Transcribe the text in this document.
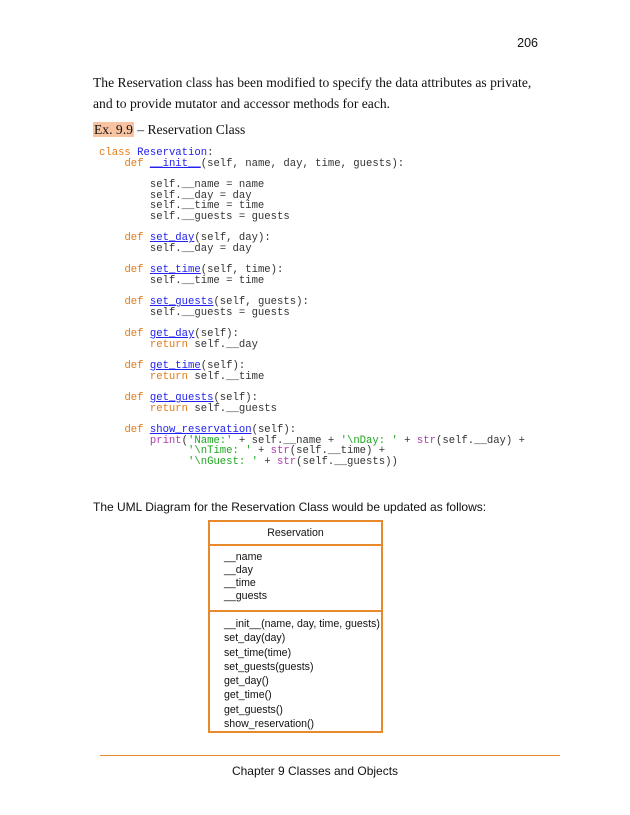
206
The Reservation class has been modified to specify the data attributes as private,
and to provide mutator and accessor methods for each.
Ex. 9.9 – Reservation Class
class Reservation:
def __init__(self, name, day, time, guests):
self.__name = name
self.__day = day
self.__time = time
self.__guests = guests
def set_day(self, day):
self.__day = day
def set_time(self, time):
self.__time = time
def set_guests(self, guests):
self.__guests = guests
def get_day(self):
return self.__day
def get_time(self):
return self.__time
def get_guests(self):
return self.__guests
def show_reservation(self):
print('Name:' + self.__name + '\nDay: ' + str(self.__day) +
'\nTime: ' + str(self.__time) +
'\nGuest: ' + str(self.__guests))
The UML Diagram for the Reservation Class would be updated as follows:
Reservation
__name
__day
__time
__guests
__init__(name, day, time, guests)
set_day(day)
set_time(time)
set_guests(guests)
get_day()
get_time()
get_guests()
show_reservation()
Chapter 9 Classes and Objects
